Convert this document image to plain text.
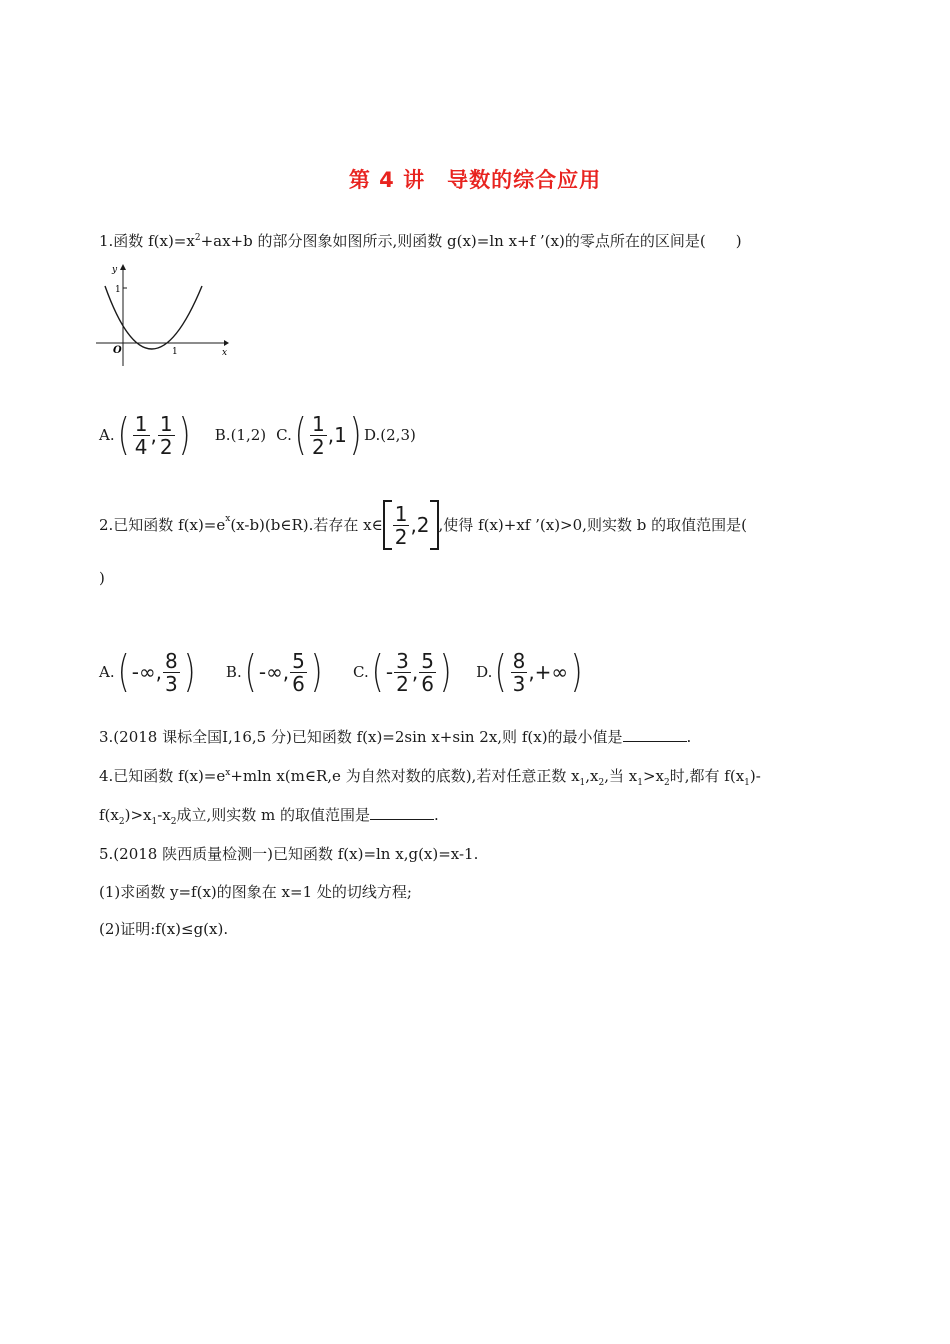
第 4 讲　导数的综合应用
1.函数 $f(x)=x^2+ax+b$ 的部分图象如图所示,则函数 g(x)=ln x+f ’(x)的零点所在的区间是(　　)
y
x
O
1
1
A. ( $\frac{1}{4}$ , $\frac{1}{2}$ ) B.(1,2) C. ( $\frac{1}{2}$ , 1 ) D.(2,3)
2.已知函数 $f(x)=e^x$ (x-b)(b∈R).若存在 x∈ $\frac{1}{2}$ , 2 ,使得 f(x)+xf ’(x)>0,则实数 b 的取值范围是(
)
A. ( -∞, $\frac{8}{3}$ ) B. ( -∞, $\frac{5}{6}$ ) C. ( - $\frac{3}{2}$ , $\frac{5}{6}$ ) D. ( $\frac{8}{3}$ ,+∞ )
3.(2018 课标全国Ⅰ,16,5 分)已知函数 f(x)=2sin x+sin 2x,则 f(x)的最小值是	.
4.已知函数 $f(x)=e^x+mln$ x(m∈R,e 为自然对数的底数),若对任意正数 $x_1,x_2$,当 $x_1>x_2$时,都有 $f(x_1)-$
$f(x_2)>x_1-x_2$成立,则实数 m 的取值范围是	.
5.(2018 陕西质量检测一)已知函数 f(x)=ln x,g(x)=x-1.
(1)求函数 y=f(x)的图象在 x=1 处的切线方程;
(2)证明:f(x)≤g(x).
